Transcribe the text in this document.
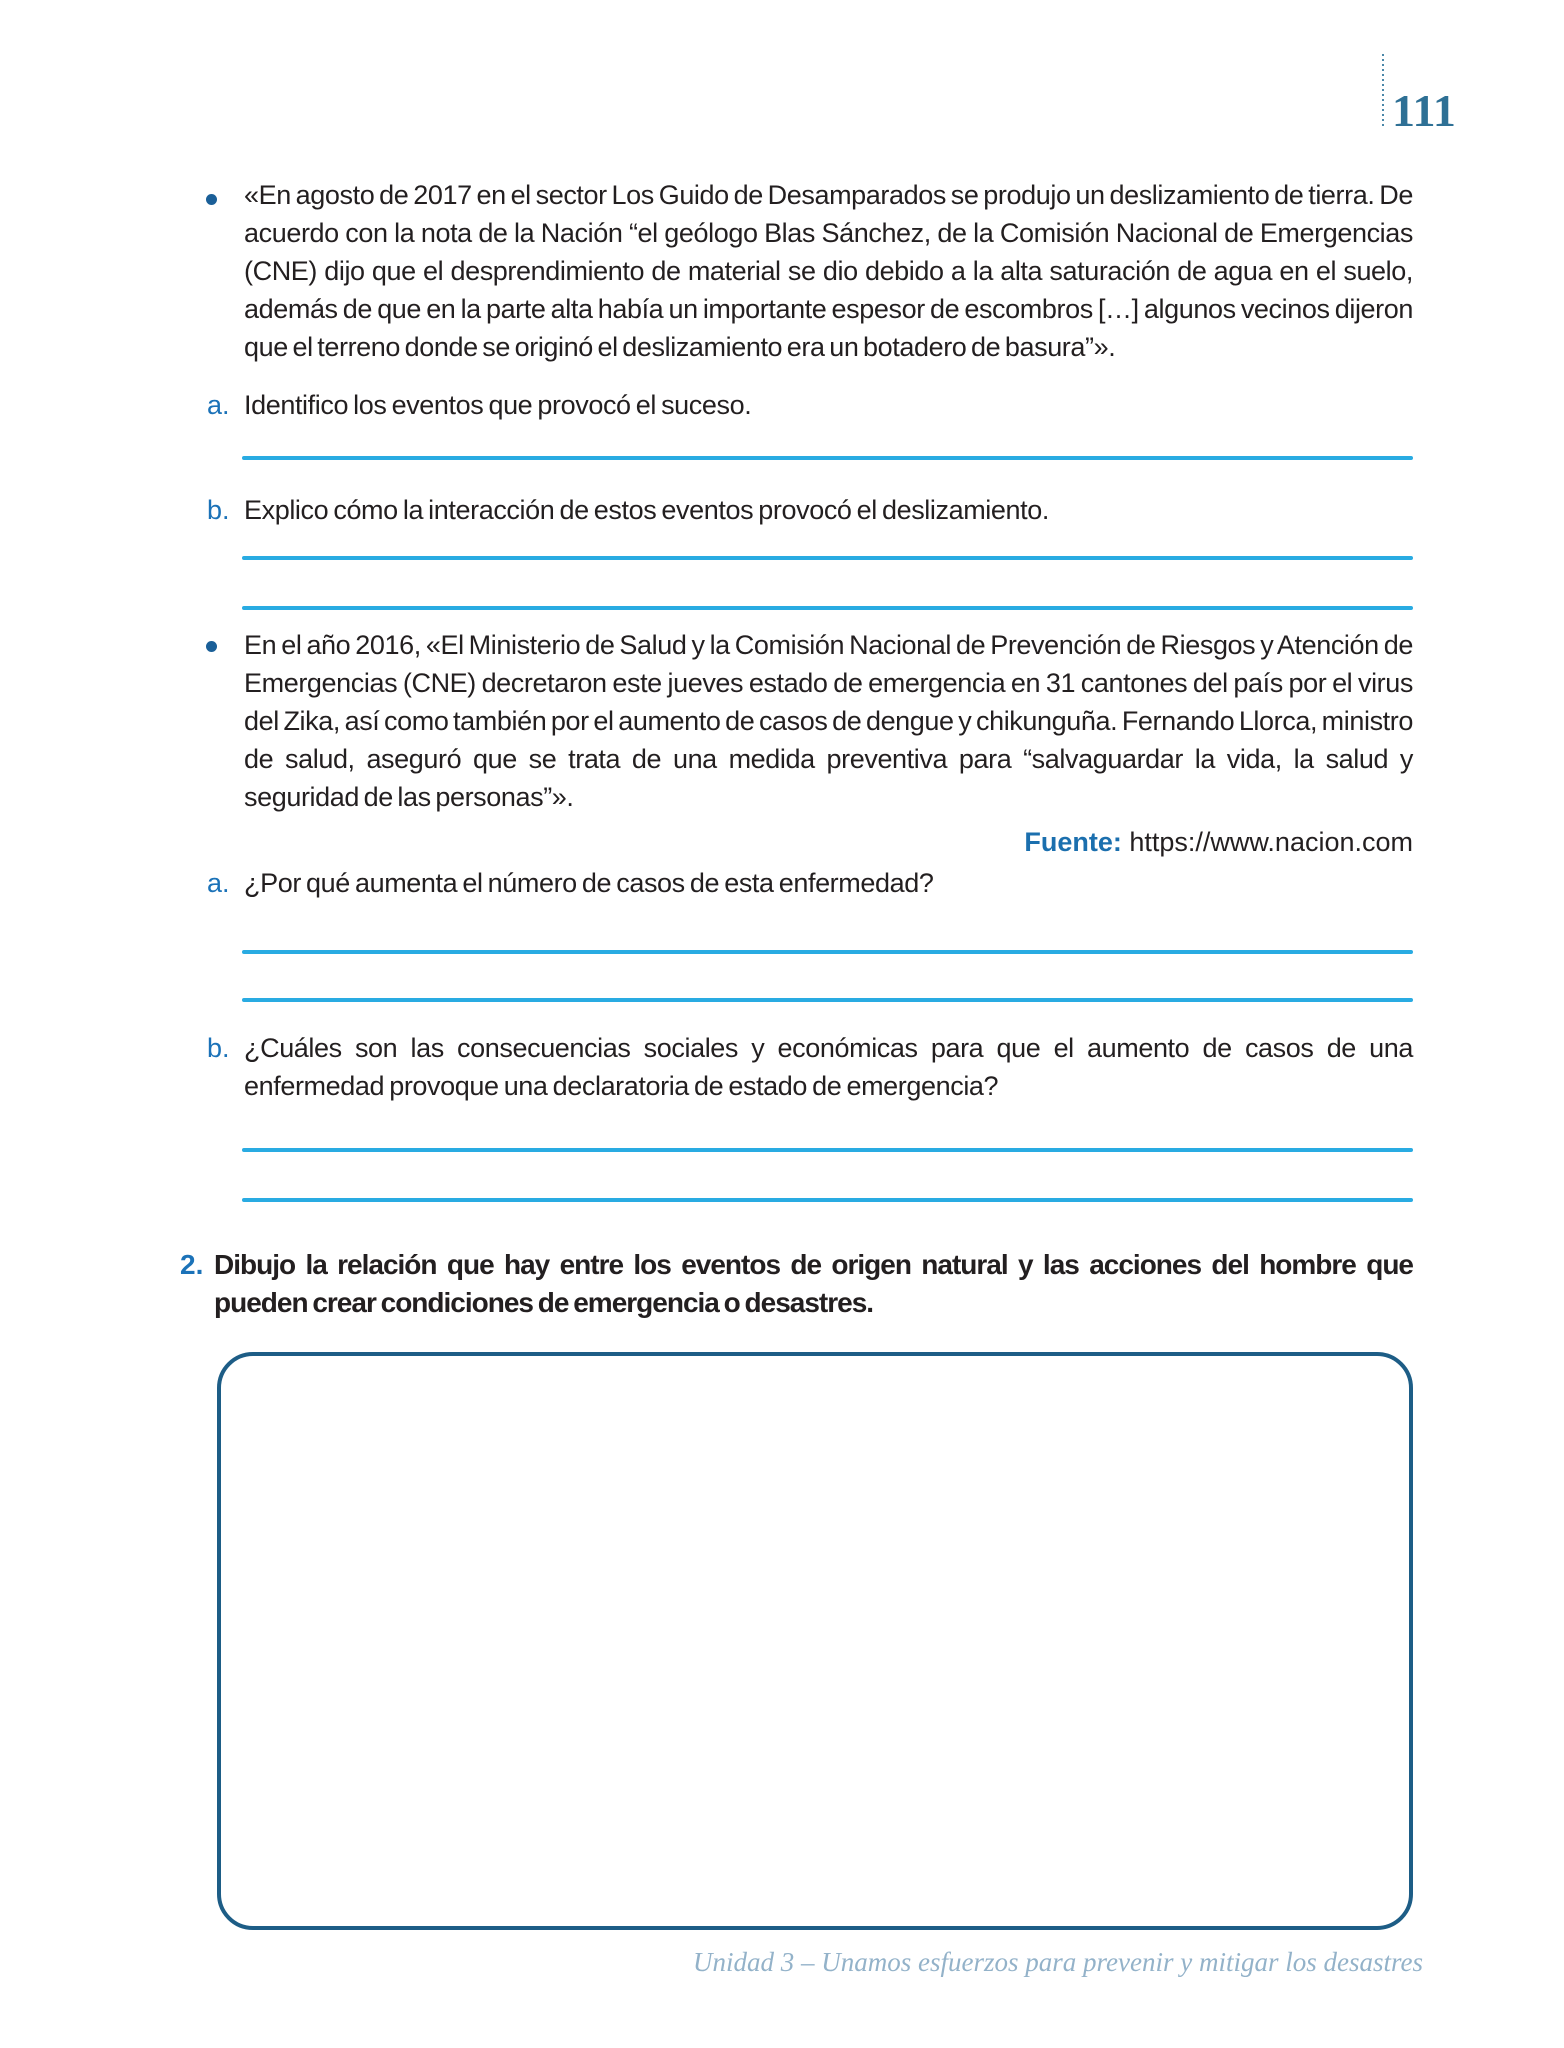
111
«En agosto de 2017 en el sector Los Guido de Desamparados se produjo un deslizamiento de tierra. De acuerdo con la nota de la Nación “el geólogo Blas Sánchez, de la Comisión Nacional de Emergencias (CNE) dijo que el desprendimiento de material se dio debido a la alta saturación de agua en el suelo, además de que en la parte alta había un importante espesor de escombros […] algunos vecinos dijeron que el terreno donde se originó el deslizamiento era un botadero de basura”».
a. Identifico los eventos que provocó el suceso.
b. Explico cómo la interacción de estos eventos provocó el deslizamiento.
En el año 2016, «El Ministerio de Salud y la Comisión Nacional de Prevención de Riesgos y Atención de Emergencias (CNE) decretaron este jueves estado de emergencia en 31 cantones del país por el virus del Zika, así como también por el aumento de casos de dengue y chikunguña. Fernando Llorca, ministro de salud, aseguró que se trata de una medida preventiva para “salvaguardar la vida, la salud y seguridad de las personas”».
Fuente: https://www.nacion.com
a. ¿Por qué aumenta el número de casos de esta enfermedad?
b. ¿Cuáles son las consecuencias sociales y económicas para que el aumento de casos de una enfermedad provoque una declaratoria de estado de emergencia?
2. Dibujo la relación que hay entre los eventos de origen natural y las acciones del hombre que pueden crear condiciones de emergencia o desastres.
Unidad 3 – Unamos esfuerzos para prevenir y mitigar los desastres
